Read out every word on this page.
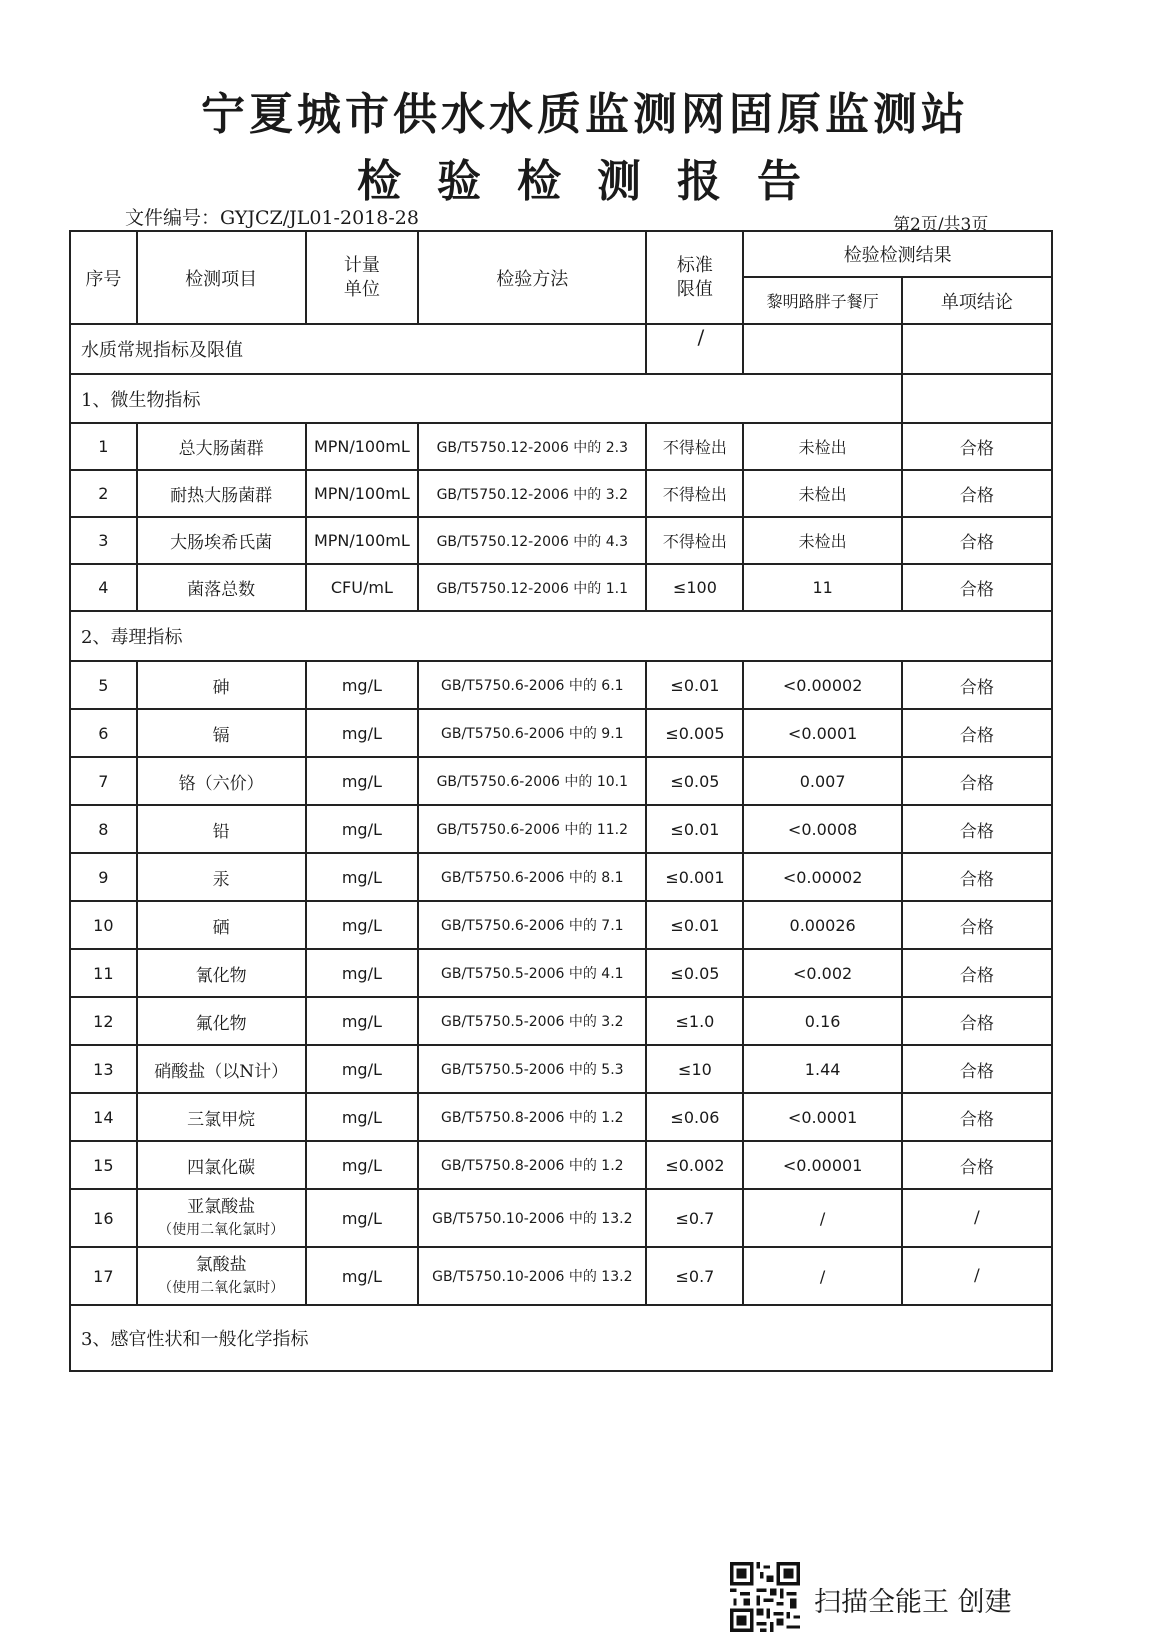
宁夏城市供水水质监测网固原监测站
检验检测报告
文件编号：GYJCZ/JL01-2018-28	第2页/共3页
序号	检测项目	计量单位	检验方法	标准限值	检验检测结果	
					黎明路胖子餐厅	单项结论
水质常规指标及限值				/		
1、微生物指标						
1	总大肠菌群	MPN/100mL	GB/T5750.12-2006 中的 2.3	不得检出	未检出	合格
2	耐热大肠菌群	MPN/100mL	GB/T5750.12-2006 中的 3.2	不得检出	未检出	合格
3	大肠埃希氏菌	MPN/100mL	GB/T5750.12-2006 中的 4.3	不得检出	未检出	合格
4	菌落总数	CFU/mL	GB/T5750.12-2006 中的 1.1	≤100	11	合格
2、毒理指标						
5	砷	mg/L	GB/T5750.6-2006 中的 6.1	≤0.01	<0.00002	合格
6	镉	mg/L	GB/T5750.6-2006 中的 9.1	≤0.005	<0.0001	合格
7	铬（六价）	mg/L	GB/T5750.6-2006 中的 10.1	≤0.05	0.007	合格
8	铅	mg/L	GB/T5750.6-2006 中的 11.2	≤0.01	<0.0008	合格
9	汞	mg/L	GB/T5750.6-2006 中的 8.1	≤0.001	<0.00002	合格
10	硒	mg/L	GB/T5750.6-2006 中的 7.1	≤0.01	0.00026	合格
11	氰化物	mg/L	GB/T5750.5-2006 中的 4.1	≤0.05	<0.002	合格
12	氟化物	mg/L	GB/T5750.5-2006 中的 3.2	≤1.0	0.16	合格
13	硝酸盐（以N计）	mg/L	GB/T5750.5-2006 中的 5.3	≤10	1.44	合格
14	三氯甲烷	mg/L	GB/T5750.8-2006 中的 1.2	≤0.06	<0.0001	合格
15	四氯化碳	mg/L	GB/T5750.8-2006 中的 1.2	≤0.002	<0.00001	合格
16	亚氯酸盐
（使用二氧化氯时）	mg/L	GB/T5750.10-2006 中的 13.2	≤0.7	/	/
17	氯酸盐
（使用二氧化氯时）	mg/L	GB/T5750.10-2006 中的 13.2	≤0.7	/	/
3、感官性状和一般化学指标						
扫描全能王 创建
